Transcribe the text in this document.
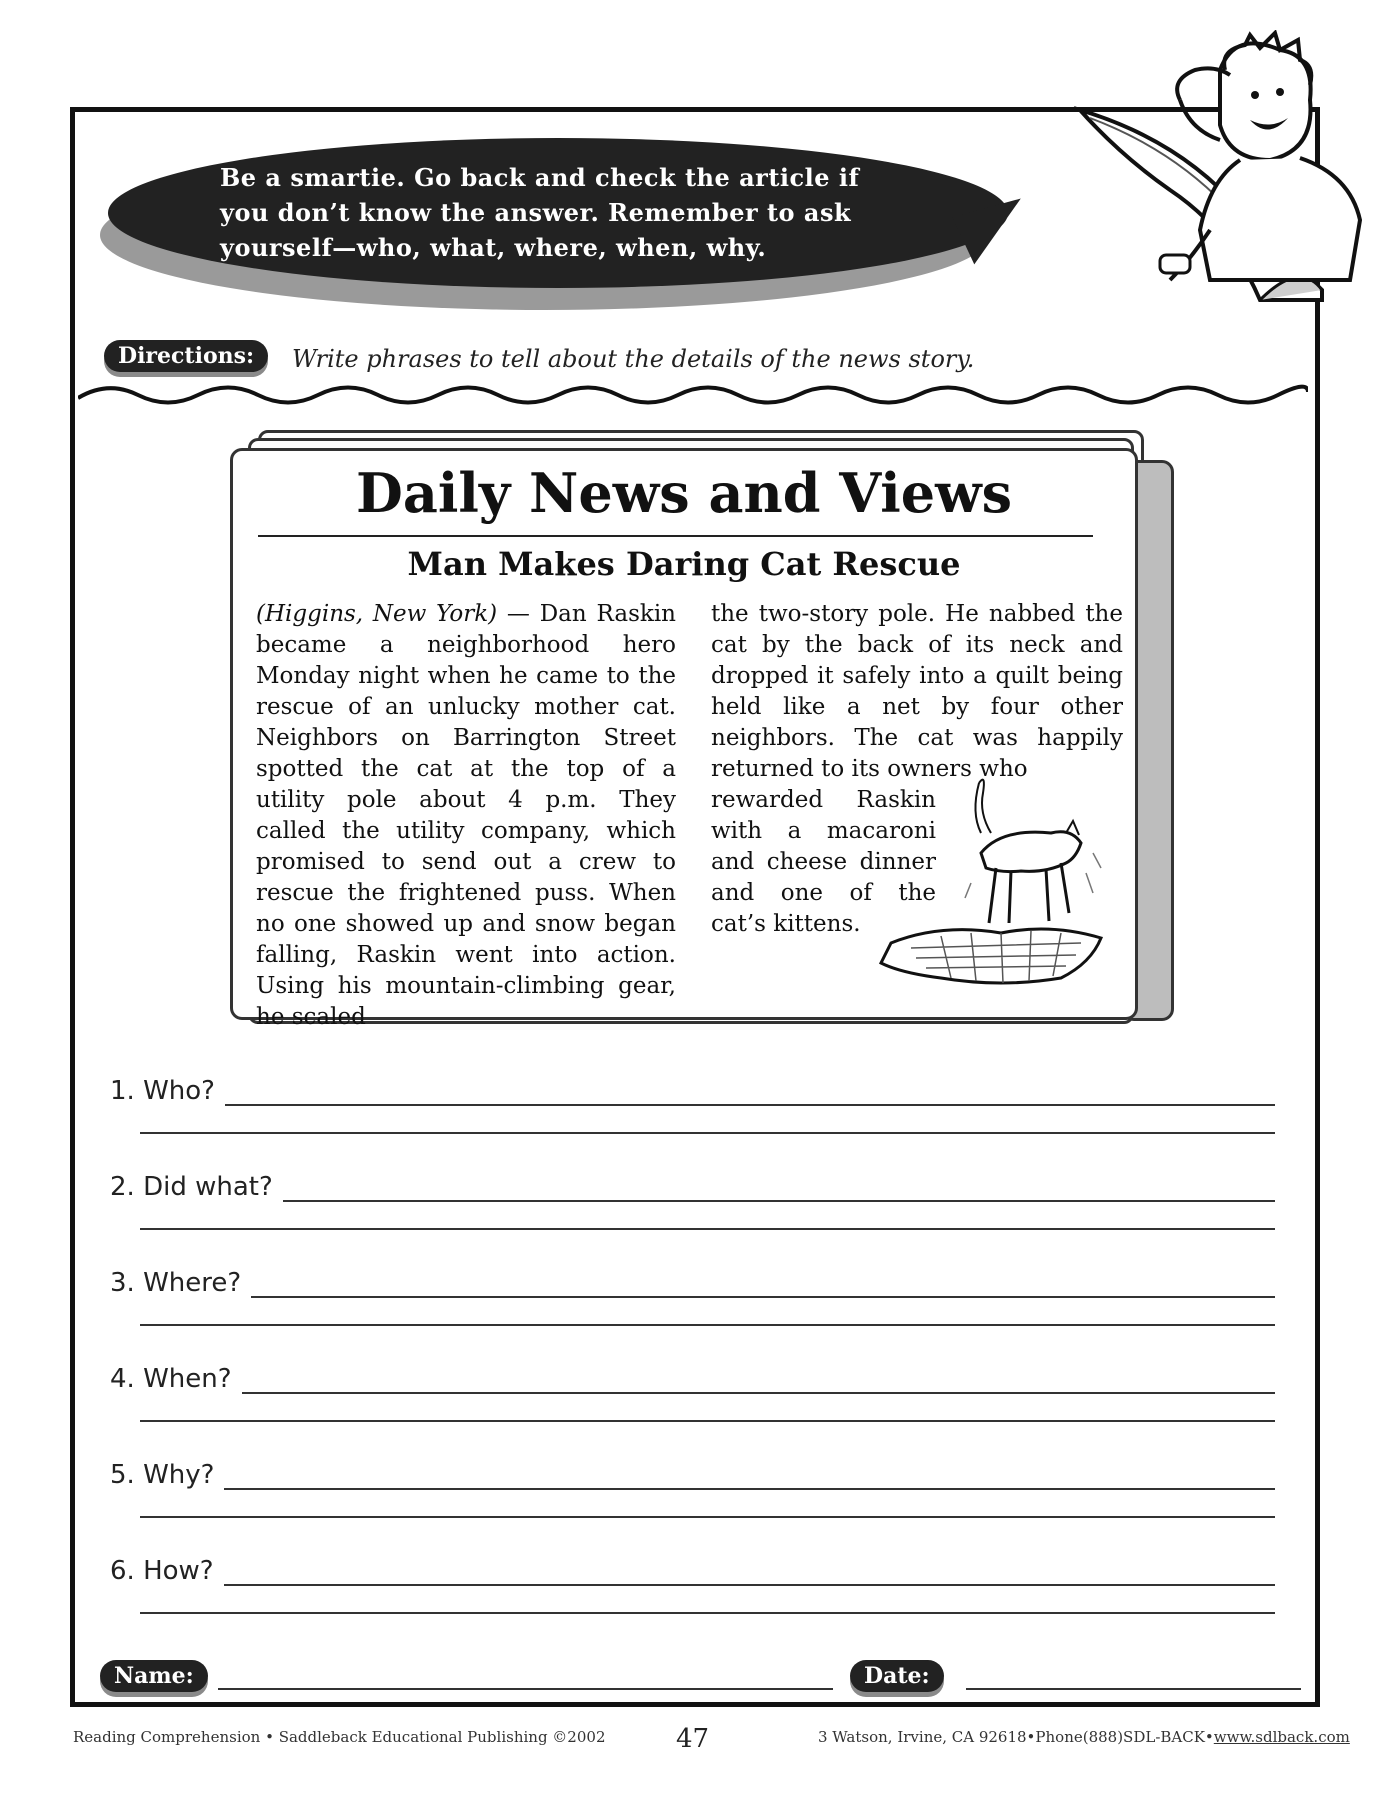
Be a smartie. Go back and check the article if
you don’t know the answer. Remember to ask
yourself—who, what, where, when, why.
Directions:	Write phrases to tell about the details of the news story.
Daily News and Views
Man Makes Daring Cat Rescue
(Higgins, New York) — Dan Raskin became a neighborhood hero Monday night when he came to the rescue of an unlucky mother cat. Neighbors on Barrington Street spotted the cat at the top of a utility pole about 4 p.m. They called the utility company, which promised to send out a crew to rescue the frightened puss. When no one showed up and snow began falling, Raskin went into action. Using his mountain-climbing gear, he scaled
the two-story pole. He nabbed the cat by the back of its neck and dropped it safely into a quilt being held like a net by four other neighbors. The cat was happily returned to its owners who
rewarded Raskin with a macaroni and cheese dinner and one of the cat’s kittens.
1. Who?
2. Did what?
3. Where?
4. When?
5. Why?
6. How?
Name:	Date:
Reading Comprehension • Saddleback Educational Publishing ©2002	47	3 Watson, Irvine, CA 92618•Phone(888)SDL-BACK•www.sdlback.com
